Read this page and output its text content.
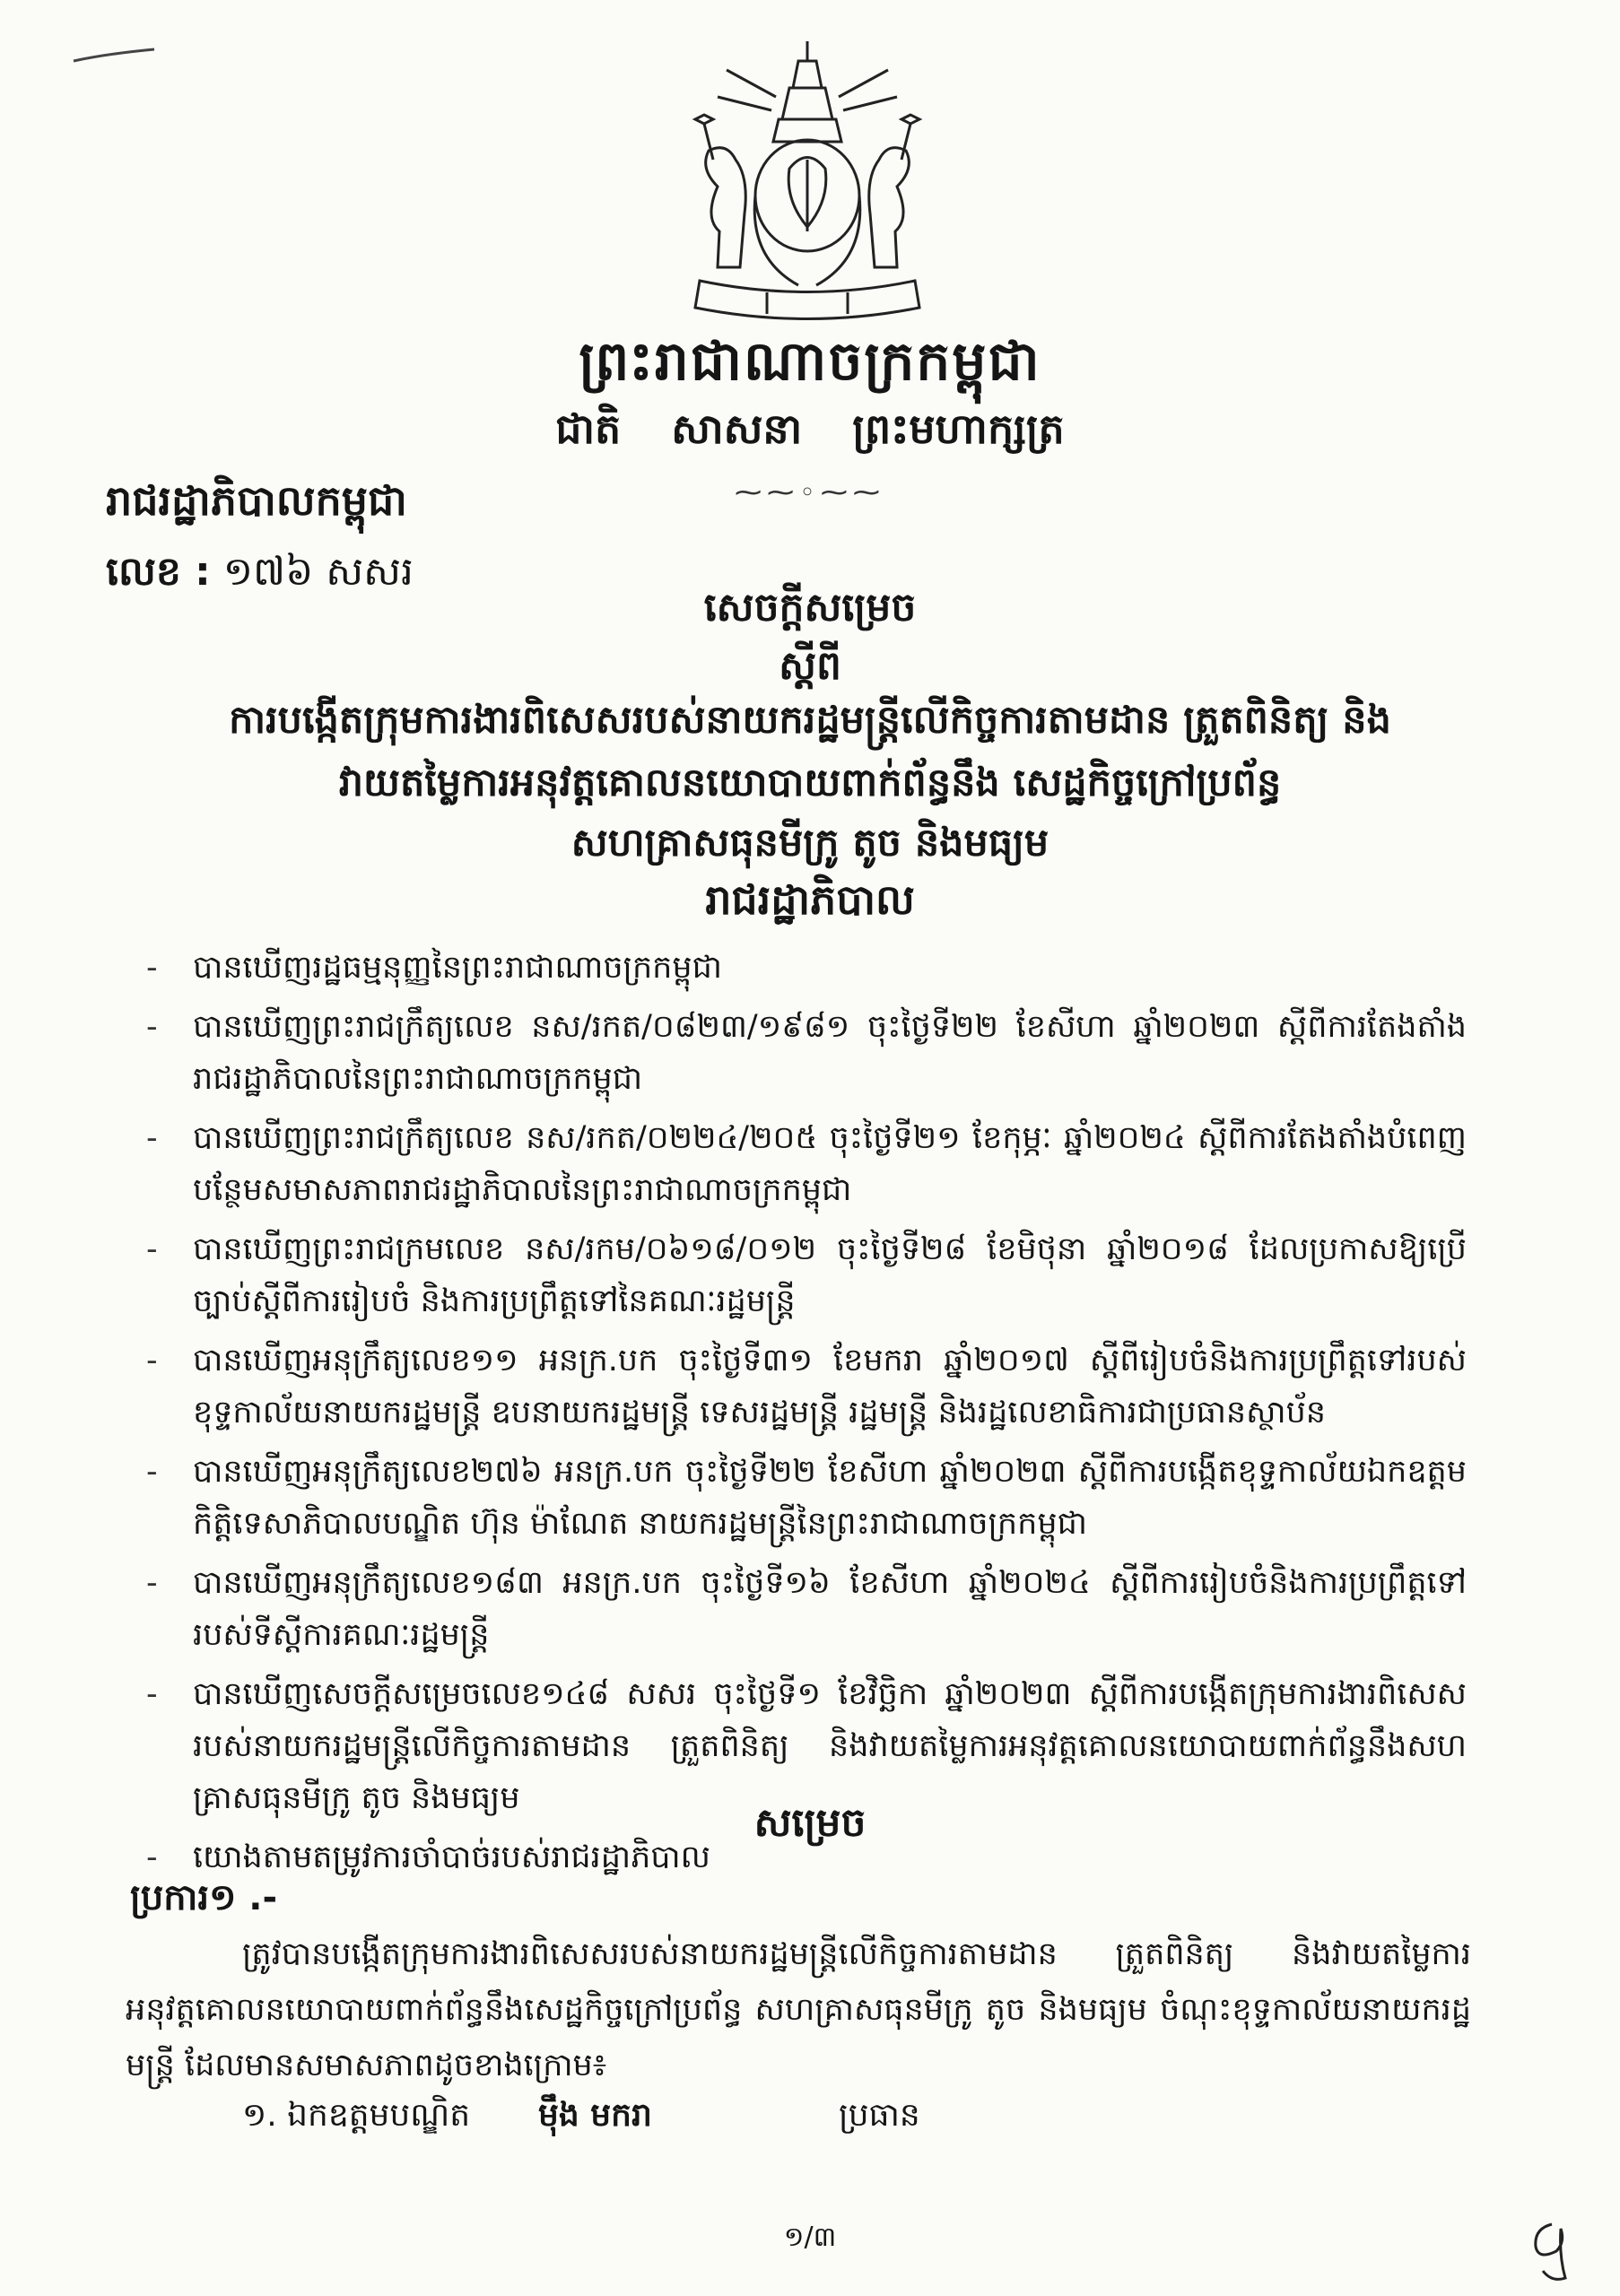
ព្រះរាជាណាចក្រកម្ពុជា
ជាតិ សាសនា ព្រះមហាក្សត្រ
⁓⁓◦⁓⁓
រាជរដ្ឋាភិបាលកម្ពុជា
លេខ : ១៧៦ សសរ
សេចក្តីសម្រេច
ស្តីពី
ការបង្កើតក្រុមការងារពិសេសរបស់នាយករដ្ឋមន្ត្រីលើកិច្ចការតាមដាន ត្រួតពិនិត្យ និង
វាយតម្លៃការអនុវត្តគោលនយោបាយពាក់ព័ន្ធនឹង សេដ្ឋកិច្ចក្រៅប្រព័ន្ធ
សហគ្រាសធុនមីក្រូ តូច និងមធ្យម
រាជរដ្ឋាភិបាល
- បានឃើញរដ្ឋធម្មនុញ្ញនៃព្រះរាជាណាចក្រកម្ពុជា
- បានឃើញព្រះរាជក្រឹត្យលេខ នស/រកត/០៨២៣/១៩៨១ ចុះថ្ងៃទី២២ ខែសីហា ឆ្នាំ២០២៣ ស្តីពីការតែងតាំងរាជរដ្ឋាភិបាលនៃព្រះរាជាណាចក្រកម្ពុជា
- បានឃើញព្រះរាជក្រឹត្យលេខ នស/រកត/០២២៤/២០៥ ចុះថ្ងៃទី២១ ខែកុម្ភៈ ឆ្នាំ២០២៤ ស្តីពីការតែងតាំងបំពេញបន្ថែមសមាសភាពរាជរដ្ឋាភិបាលនៃព្រះរាជាណាចក្រកម្ពុជា
- បានឃើញព្រះរាជក្រមលេខ នស/រកម/០៦១៨/០១២ ចុះថ្ងៃទី២៨ ខែមិថុនា ឆ្នាំ២០១៨ ដែលប្រកាសឱ្យប្រើច្បាប់ស្តីពីការរៀបចំ និងការប្រព្រឹត្តទៅនៃគណៈរដ្ឋមន្ត្រី
- បានឃើញអនុក្រឹត្យលេខ១១ អនក្រ.បក ចុះថ្ងៃទី៣១ ខែមករា ឆ្នាំ២០១៧ ស្តីពីរៀបចំនិងការប្រព្រឹត្តទៅរបស់ខុទ្ទកាល័យនាយករដ្ឋមន្ត្រី ឧបនាយករដ្ឋមន្ត្រី ទេសរដ្ឋមន្ត្រី រដ្ឋមន្ត្រី និងរដ្ឋលេខាធិការជាប្រធានស្ថាប័ន
- បានឃើញអនុក្រឹត្យលេខ២៧៦ អនក្រ.បក ចុះថ្ងៃទី២២ ខែសីហា ឆ្នាំ២០២៣ ស្តីពីការបង្កើតខុទ្ទកាល័យឯកឧត្តមកិត្តិទេសាភិបាលបណ្ឌិត ហ៊ុន ម៉ាណែត នាយករដ្ឋមន្ត្រីនៃព្រះរាជាណាចក្រកម្ពុជា
- បានឃើញអនុក្រឹត្យលេខ១៨៣ អនក្រ.បក ចុះថ្ងៃទី១៦ ខែសីហា ឆ្នាំ២០២៤ ស្តីពីការរៀបចំនិងការប្រព្រឹត្តទៅរបស់ទីស្តីការគណៈរដ្ឋមន្ត្រី
- បានឃើញសេចក្តីសម្រេចលេខ១៤៨ សសរ ចុះថ្ងៃទី១ ខែវិច្ឆិកា ឆ្នាំ២០២៣ ស្តីពីការបង្កើតក្រុមការងារពិសេសរបស់នាយករដ្ឋមន្ត្រីលើកិច្ចការតាមដាន ត្រួតពិនិត្យ និងវាយតម្លៃការអនុវត្តគោលនយោបាយពាក់ព័ន្ធនឹងសហគ្រាសធុនមីក្រូ តូច និងមធ្យម
- យោងតាមតម្រូវការចាំបាច់របស់រាជរដ្ឋាភិបាល
សម្រេច
ប្រការ១ .-
ត្រូវបានបង្កើតក្រុមការងារពិសេសរបស់នាយករដ្ឋមន្ត្រីលើកិច្ចការតាមដាន ត្រួតពិនិត្យ និងវាយតម្លៃការអនុវត្តគោលនយោបាយពាក់ព័ន្ធនឹងសេដ្ឋកិច្ចក្រៅប្រព័ន្ធ សហគ្រាសធុនមីក្រូ តូច និងមធ្យម ចំណុះខុទ្ទកាល័យនាយករដ្ឋមន្ត្រី ដែលមានសមាសភាពដូចខាងក្រោម៖
១. ឯកឧត្តមបណ្ឌិត ម៉ឹង មករា	ប្រធាន
១/៣
